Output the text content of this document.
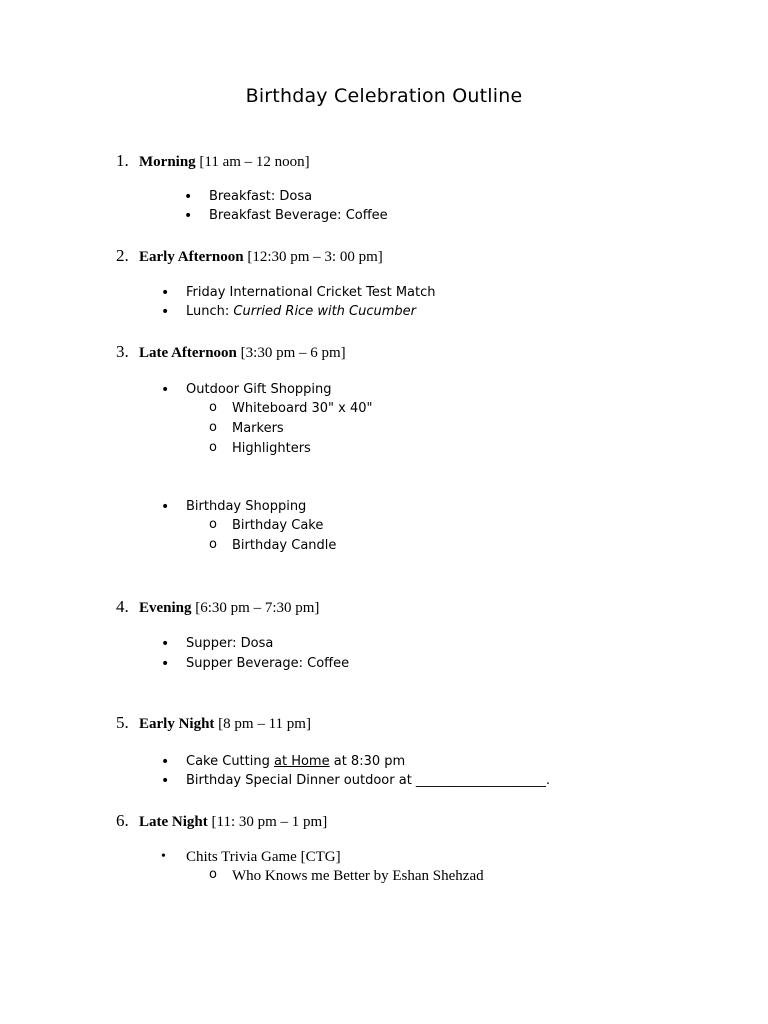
Birthday Celebration Outline
1. Morning [11 am – 12 noon]
• Breakfast: Dosa
• Breakfast Beverage: Coffee
2. Early Afternoon [12:30 pm – 3: 00 pm]
• Friday International Cricket Test Match
• Lunch: Curried Rice with Cucumber
3. Late Afternoon [3:30 pm – 6 pm]
• Outdoor Gift Shopping
o Whiteboard 30" x 40"
o Markers
o Highlighters
• Birthday Shopping
o Birthday Cake
o Birthday Candle
4. Evening [6:30 pm – 7:30 pm]
• Supper: Dosa
• Supper Beverage: Coffee
5. Early Night [8 pm – 11 pm]
• Cake Cutting at Home at 8:30 pm
• Birthday Special Dinner outdoor at ____________________.
6. Late Night [11: 30 pm – 1 pm]
• Chits Trivia Game [CTG]
o Who Knows me Better by Eshan Shehzad
